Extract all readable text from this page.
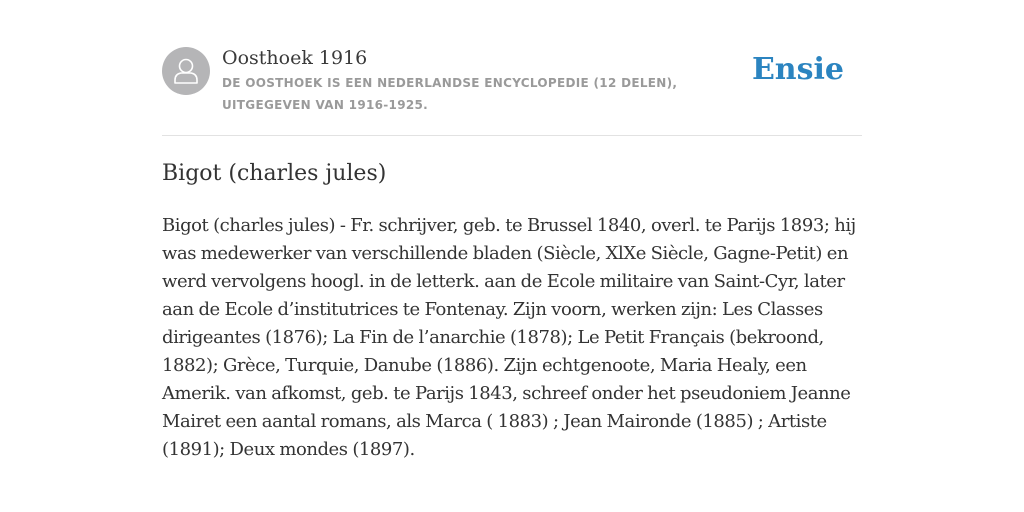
Oosthoek 1916
DE OOSTHOEK IS EEN NEDERLANDSE ENCYCLOPEDIE (12 DELEN), UITGEGEVEN VAN 1916-1925.
Ensie
Bigot (charles jules)
Bigot (charles jules) - Fr. schrijver, geb. te Brussel 1840, overl. te Parijs 1893; hij was medewerker van verschillende bladen (Siècle, XlXe Siècle, Gagne-Petit) en werd vervolgens hoogl. in de letterk. aan de Ecole militaire van Saint-Cyr, later aan de Ecole d’institutrices te Fontenay. Zijn voorn, werken zijn: Les Classes dirigeantes (1876); La Fin de l’anarchie (1878); Le Petit Français (bekroond, 1882); Grèce, Turquie, Danube (1886). Zijn echtgenoote, Maria Healy, een Amerik. van afkomst, geb. te Parijs 1843, schreef onder het pseudoniem Jeanne Mairet een aantal romans, als Marca ( 1883) ; Jean Maironde (1885) ; Artiste (1891); Deux mondes (1897).
